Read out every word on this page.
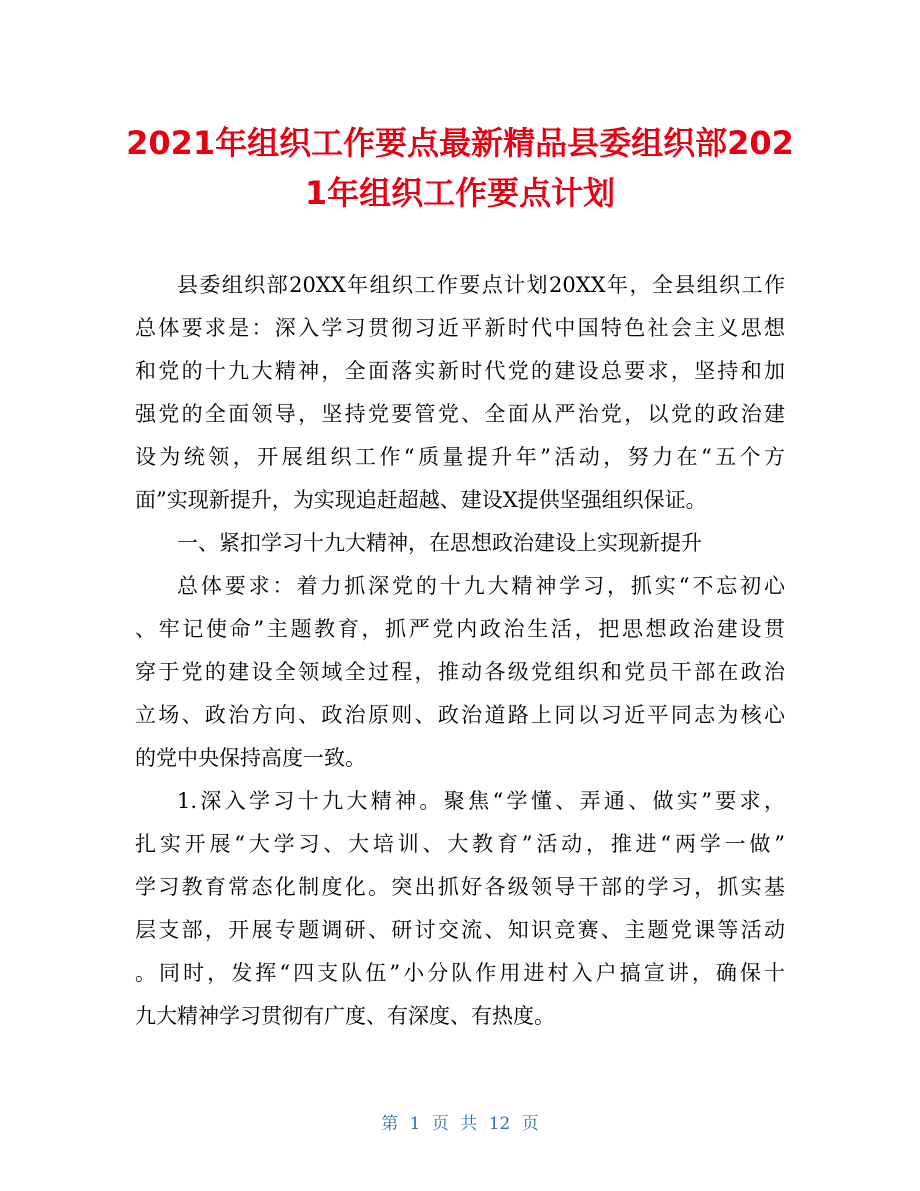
2021年组织工作要点最新精品县委组织部202
1年组织工作要点计划

县委组织部20XX年组织工作要点计划20XX年，全县组织工作
总体要求是：深入学习贯彻习近平新时代中国特色社会主义思想
和党的十九大精神，全面落实新时代党的建设总要求，坚持和加
强党的全面领导，坚持党要管党、全面从严治党，以党的政治建
设为统领，开展组织工作“质量提升年”活动，努力在“五个方
面”实现新提升，为实现追赶超越、建设X提供坚强组织保证。

一、紧扣学习十九大精神，在思想政治建设上实现新提升

总体要求：着力抓深党的十九大精神学习，抓实“不忘初心
、牢记使命”主题教育，抓严党内政治生活，把思想政治建设贯
穿于党的建设全领域全过程，推动各级党组织和党员干部在政治
立场、政治方向、政治原则、政治道路上同以习近平同志为核心
的党中央保持高度一致。

1.深入学习十九大精神。聚焦“学懂、弄通、做实”要求，
扎实开展“大学习、大培训、大教育”活动，推进“两学一做”
学习教育常态化制度化。突出抓好各级领导干部的学习，抓实基
层支部，开展专题调研、研讨交流、知识竞赛、主题党课等活动
。同时，发挥“四支队伍”小分队作用进村入户搞宣讲，确保十
九大精神学习贯彻有广度、有深度、有热度。

第 1 页 共 12 页
